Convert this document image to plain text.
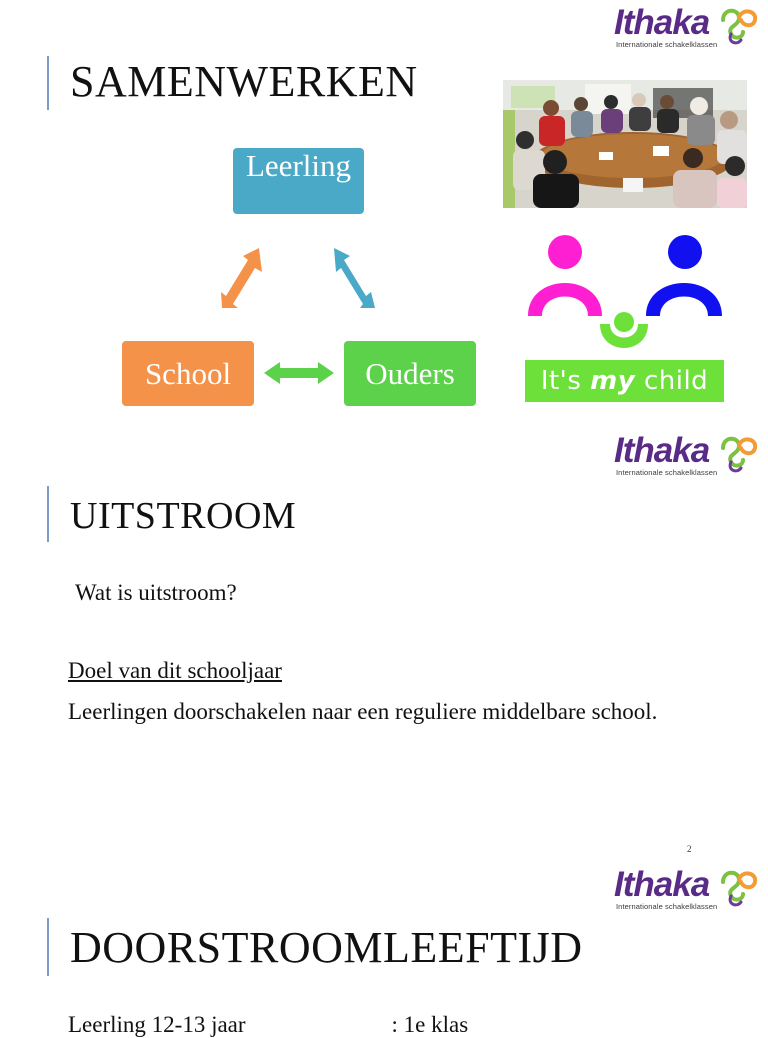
Ithaka
Internationale schakelklassen
SAMENWERKEN
Leerling
School	Ouders	It's my child
Ithaka
Internationale schakelklassen
UITSTROOM

Wat is uitstroom?

Doel van dit schooljaar

Leerlingen doorschakelen naar een reguliere middelbare school.

2
Ithaka
Internationale schakelklassen
DOORSTROOMLEEFTIJD

Leerling 12-13 jaar	: 1e klas
